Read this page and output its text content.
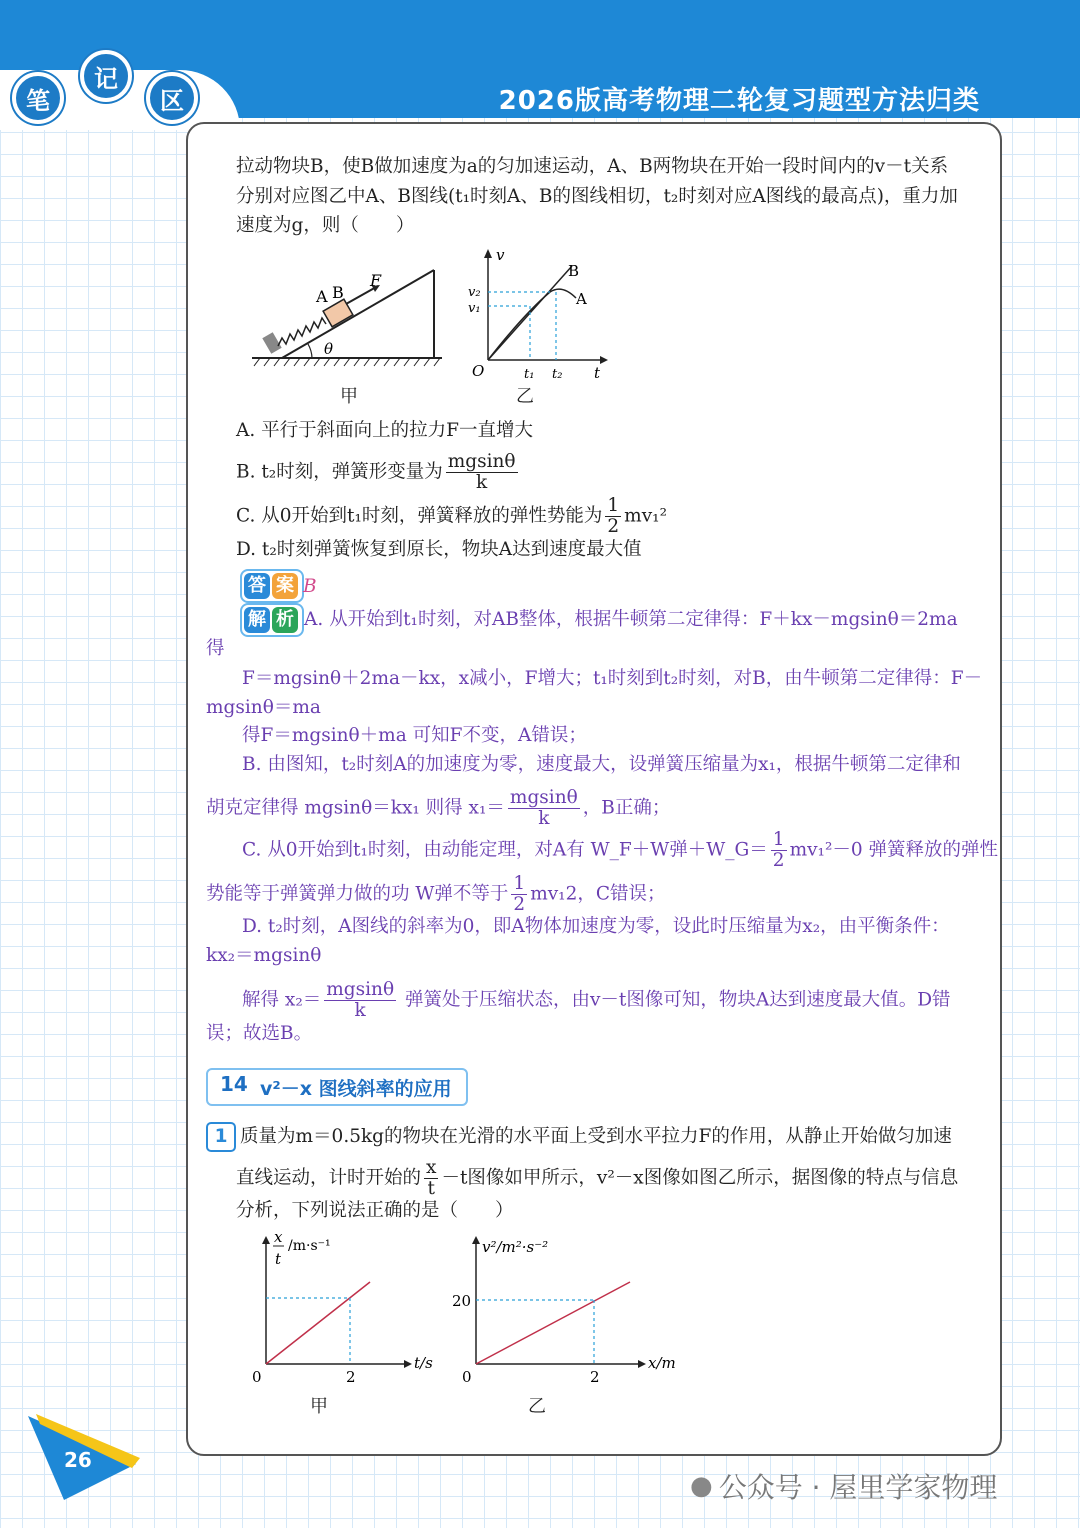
笔
记
区	2026版高考物理二轮复习题型方法归类
拉动物块B，使B做加速度为a的匀加速运动，A、B两物块在开始一段时间内的v－t关系
分别对应图乙中A、B图线(t₁时刻A、B的图线相切，t₂时刻对应A图线的最高点)，重力加
速度为g，则（　　）
A B
F
θ
甲
v
t
O
v₂
v₁
t₁ t₂
B
A
乙
A. 平行于斜面向上的拉力F一直增大
B. t₂时刻，弹簧形变量为 $\frac{mgsin\theta}{k}$
C. 从0开始到t₁时刻，弹簧释放的弹性势能为 $\frac{1}{2} mv_1^2$
D. t₂时刻弹簧恢复到原长，物块A达到速度最大值
答 案 B
解 析 A. 从开始到t₁时刻，对AB整体，根据牛顿第二定律得：F＋kx－mgsinθ＝2ma
得
F＝mgsinθ＋2ma－kx，x减小，F增大；t₁时刻到t₂时刻，对B，由牛顿第二定律得：F－
mgsinθ＝ma
得F＝mgsinθ＋ma 可知F不变，A错误；
B. 由图知，t₂时刻A的加速度为零，速度最大，设弹簧压缩量为x₁，根据牛顿第二定律和
胡克定律得 mgsinθ＝kx₁ 则得 $x_1= \frac{mgsin\theta}{k}$ ，B正确；
C. 从0开始到t₁时刻，由动能定理，对A有 W_F＋W弹＋W_G＝ $\frac{1}{2} mv_1^2-0$ 弹簧释放的弹性
势能等于弹簧弹力做的功 W弹不等于 $\frac{1}{2} mv_12$，C错误；
D. t₂时刻，A图线的斜率为0，即A物体加速度为零，设此时压缩量为x₂，由平衡条件：
kx₂＝mgsinθ
解得 $x_2= \frac{mgsin\theta}{k}$ 弹簧处于压缩状态，由v－t图像可知，物块A达到速度最大值。D错
误；故选B。
14 v²－x 图线斜率的应用
1 质量为m＝0.5kg的物块在光滑的水平面上受到水平拉力F的作用，从静止开始做匀加速
直线运动，计时开始的 $\frac{x}{t} -t$图像如甲所示，v²－x图像如图乙所示，据图像的特点与信息
分析，下列说法正确的是（　　）
x
t
/m·s⁻¹
t/s
0	2
甲
v²/m²·s⁻²
x/m
0	2
20
乙
26
● 公众号 · 屋里学家物理
